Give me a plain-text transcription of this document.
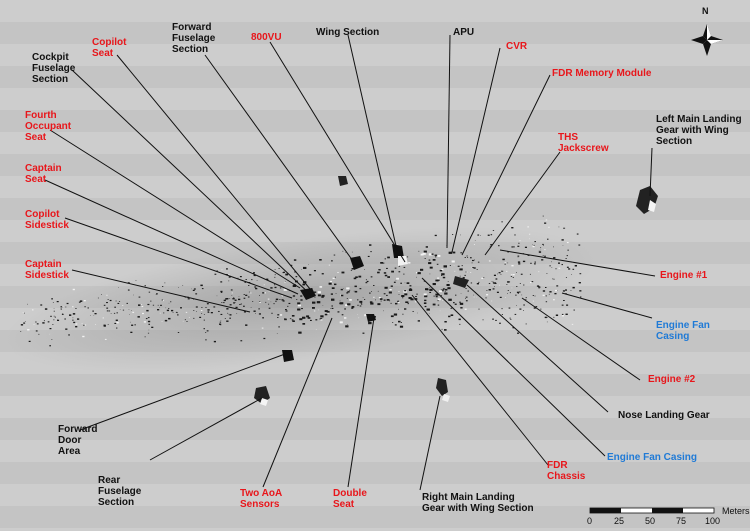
Copilot
Seat
Forward
Fuselage
Section
800VU	Wing Section	APU
CVR
FDR Memory Module
Cockpit
Fuselage
Section
Fourth
Occupant
Seat
Captain
Seat
Copilot
Sidestick
Captain
Sidestick
THS
Jackscrew
Left Main Landing
Gear with Wing
Section
Engine #1
Engine Fan
Casing
Engine #2
Nose Landing Gear
Engine Fan Casing
FDR
Chassis
Forward
Door
Area
Rear
Fuselage
Section
Two AoA
Sensors
Double
Seat
Right Main Landing
Gear with Wing Section
N
0 25 50 75 100
Meters
